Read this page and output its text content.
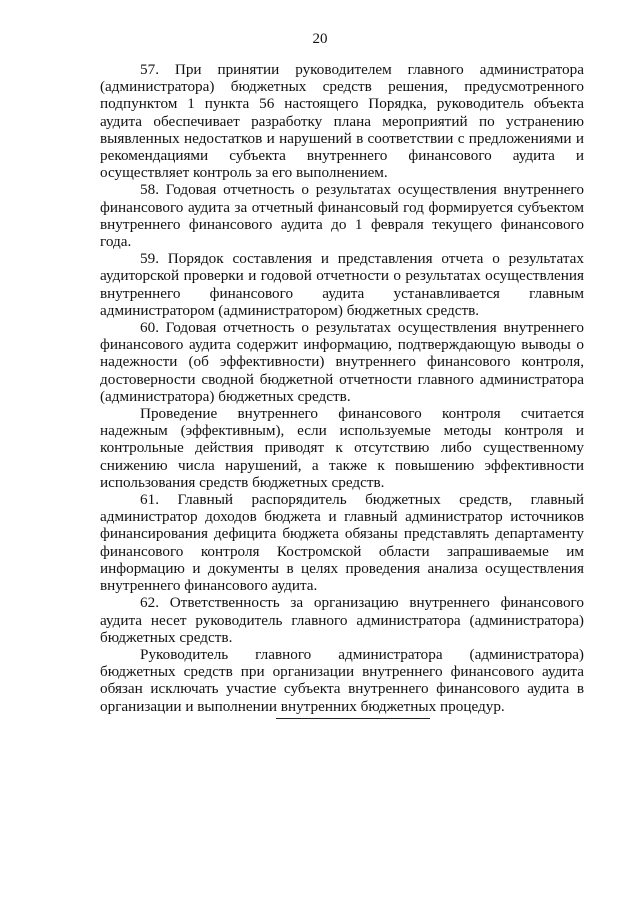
20

57. При принятии руководителем главного администратора (администратора) бюджетных средств решения, предусмотренного подпунктом 1 пункта 56 настоящего Порядка, руководитель объекта аудита обеспечивает разработку плана мероприятий по устранению выявленных недостатков и нарушений в соответствии с предложениями и рекомендациями субъекта внутреннего финансового аудита и осуществляет контроль за его выполнением.

58. Годовая отчетность о результатах осуществления внутреннего финансового аудита за отчетный финансовый год формируется субъектом внутреннего финансового аудита до 1 февраля текущего финансового года.

59. Порядок составления и представления отчета о результатах аудиторской проверки и годовой отчетности о результатах осуществления внутреннего финансового аудита устанавливается главным администратором (администратором) бюджетных средств.

60. Годовая отчетность о результатах осуществления внутреннего финансового аудита содержит информацию, подтверждающую выводы о надежности (об эффективности) внутреннего финансового контроля, достоверности сводной бюджетной отчетности главного администратора (администратора) бюджетных средств.

Проведение внутреннего финансового контроля считается надежным (эффективным), если используемые методы контроля и контрольные действия приводят к отсутствию либо существенному снижению числа нарушений, а также к повышению эффективности использования средств бюджетных средств.

61. Главный распорядитель бюджетных средств, главный администратор доходов бюджета и главный администратор источников финансирования дефицита бюджета обязаны представлять департаменту финансового контроля Костромской области запрашиваемые им информацию и документы в целях проведения анализа осуществления внутреннего финансового аудита.

62. Ответственность за организацию внутреннего финансового аудита несет руководитель главного администратора (администратора) бюджетных средств.

Руководитель главного администратора (администратора) бюджетных средств при организации внутреннего финансового аудита обязан исключать участие субъекта внутреннего финансового аудита в организации и выполнении внутренних бюджетных процедур.
